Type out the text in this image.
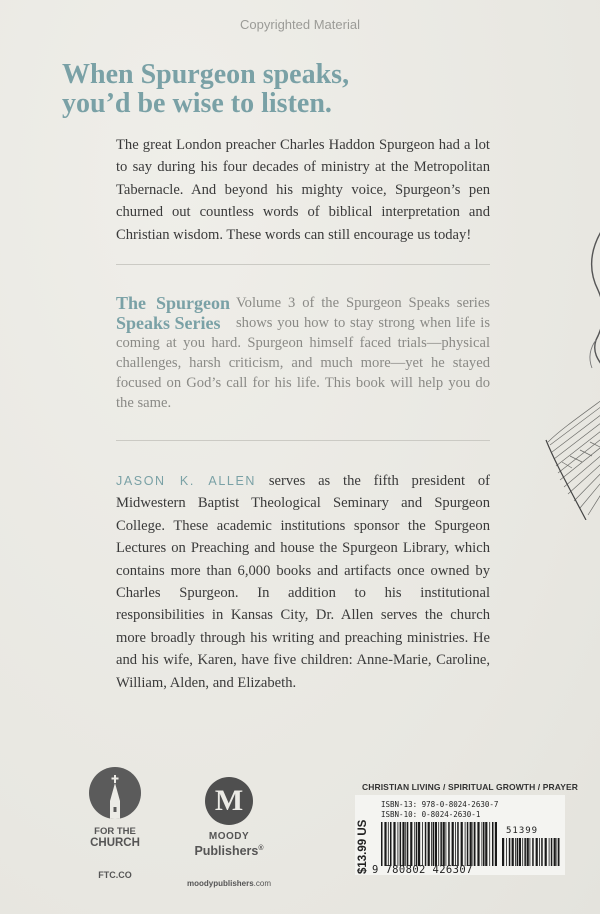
Copyrighted Material
When Spurgeon speaks,
you’d be wise to listen.
The great London preacher Charles Haddon Spurgeon had a lot to say during his four decades of ministry at the Metropolitan Tabernacle. And beyond his mighty voice, Spurgeon’s pen churned out countless words of biblical interpretation and Christian wisdom. These words can still encourage us today!
The Spurgeon Speaks Series
Volume 3 of the Spurgeon Speaks series shows you how to stay strong when life is coming at you hard. Spurgeon himself faced trials—physical challenges, harsh criticism, and much more—yet he stayed focused on God’s call for his life. This book will help you do the same.
JASON K. ALLEN serves as the fifth president of Midwestern Baptist Theological Seminary and Spurgeon College. These academic institutions sponsor the Spurgeon Lectures on Preaching and house the Spurgeon Library, which contains more than 6,000 books and artifacts once owned by Charles Spurgeon. In addition to his institutional responsibilities in Kansas City, Dr. Allen serves the church more broadly through his writing and preaching ministries. He and his wife, Karen, have five children: Anne-Marie, Caroline, William, Alden, and Elizabeth.
FOR THE
CHURCH
FTC.CO
M
MOODY
Publishers®
moodypublishers.com
CHRISTIAN LIVING / SPIRITUAL GROWTH / PRAYER
$13.99 US
ISBN-13: 978-0-8024-2630-7
ISBN-10: 0-8024-2630-1
51399
9 780802 426307
